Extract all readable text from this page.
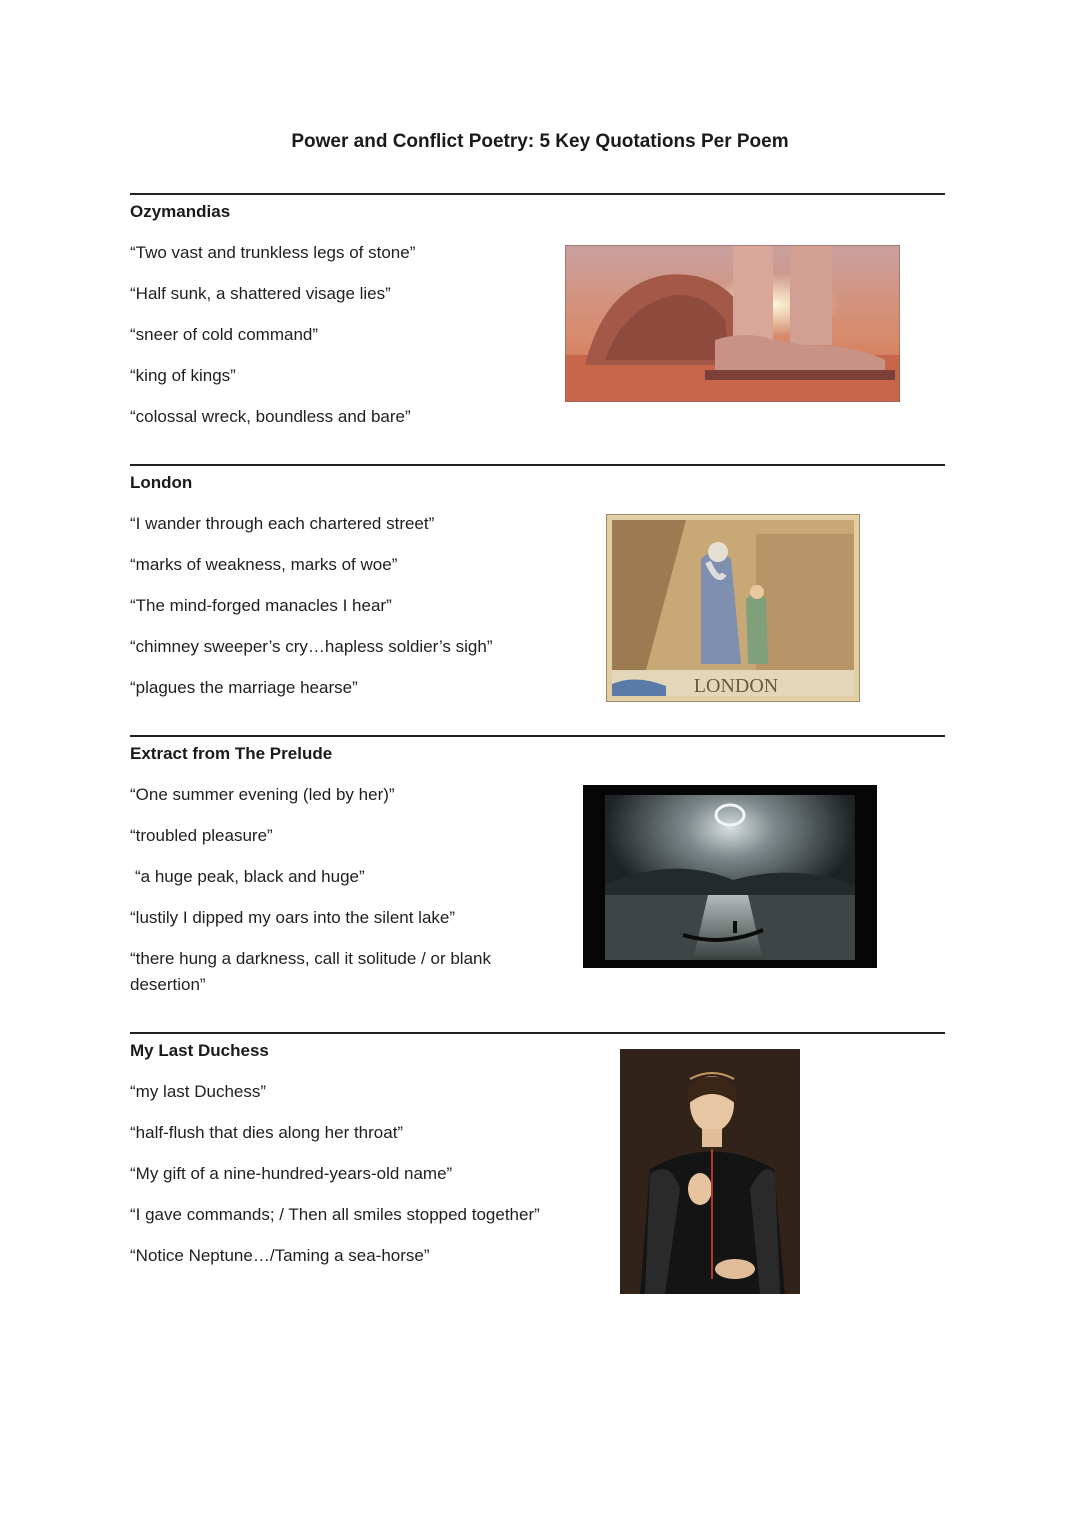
Power and Conflict Poetry: 5 Key Quotations Per Poem
Ozymandias
“Two vast and trunkless legs of stone”
“Half sunk, a shattered visage lies”
“sneer of cold command”
“king of kings”
“colossal wreck, boundless and bare”
London
“I wander through each chartered street”
“marks of weakness, marks of woe”
“The mind-forged manacles I hear”
“chimney sweeper’s cry…hapless soldier’s sigh”
“plagues the marriage hearse”	LONDON
Extract from The Prelude
“One summer evening (led by her)”
“troubled pleasure”
“a huge peak, black and huge”
“lustily I dipped my oars into the silent lake”
“there hung a darkness, call it solitude / or blank
desertion”
My Last Duchess
“my last Duchess”
“half-flush that dies along her throat”
“My gift of a nine-hundred-years-old name”
“I gave commands; / Then all smiles stopped together”
“Notice Neptune…/Taming a sea-horse”
